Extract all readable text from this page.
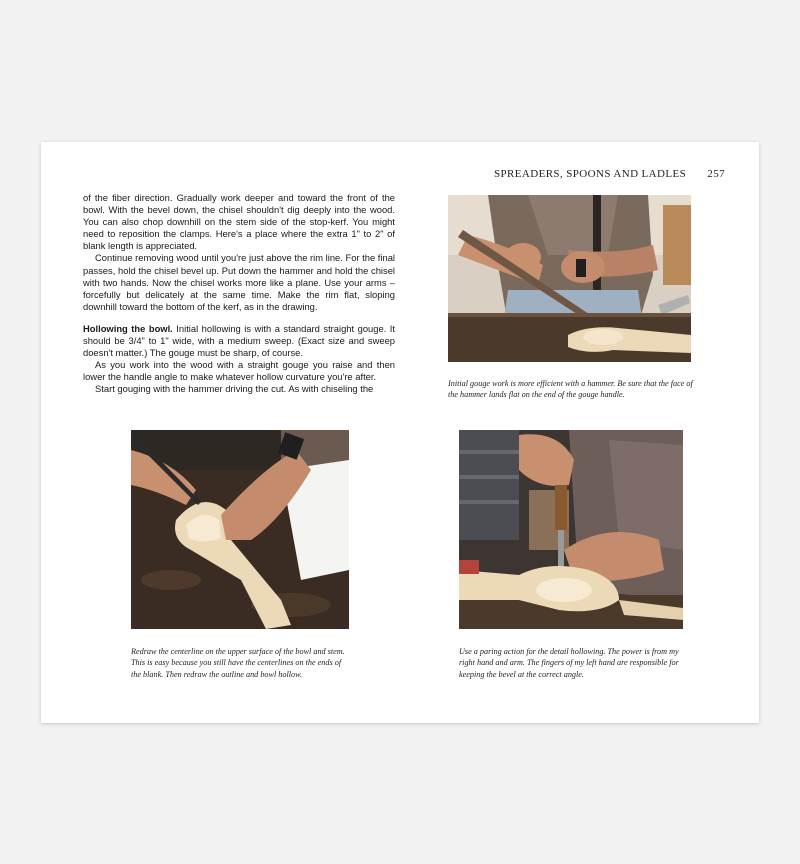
SPREADERS, SPOONS AND LADLES 257

of the fiber direction. Gradually work deeper and toward the front of the bowl. With the bevel down, the chisel shouldn't dig deeply into the wood. You can also chop downhill on the stem side of the stop-kerf. You might need to reposition the clamps. Here's a place where the extra 1" to 2" of blank length is appreciated.

Continue removing wood until you're just above the rim line. For the final passes, hold the chisel bevel up. Put down the hammer and hold the chisel with two hands. Now the chisel works more like a plane. Use your arms – forcefully but delicately at the same time. Make the rim flat, sloping downhill toward the bottom of the kerf, as in the drawing.

Hollowing the bowl. Initial hollowing is with a standard straight gouge. It should be 3/4" to 1" wide, with a medium sweep. (Exact size and sweep doesn't matter.) The gouge must be sharp, of course.

As you work into the wood with a straight gouge you raise and then lower the handle angle to make whatever hollow curvature you're after.

Start gouging with the hammer driving the cut. As with chiseling the	Initial gouge work is more efficient with a hammer. Be sure that the face of the hammer lands flat on the end of the gouge handle.
Redraw the centerline on the upper surface of the bowl and stem. This is easy because you still have the centerlines on the ends of the blank. Then redraw the outline and bowl hollow.
Use a paring action for the detail hollowing. The power is from my right hand and arm. The fingers of my left hand are responsible for keeping the bevel at the correct angle.
